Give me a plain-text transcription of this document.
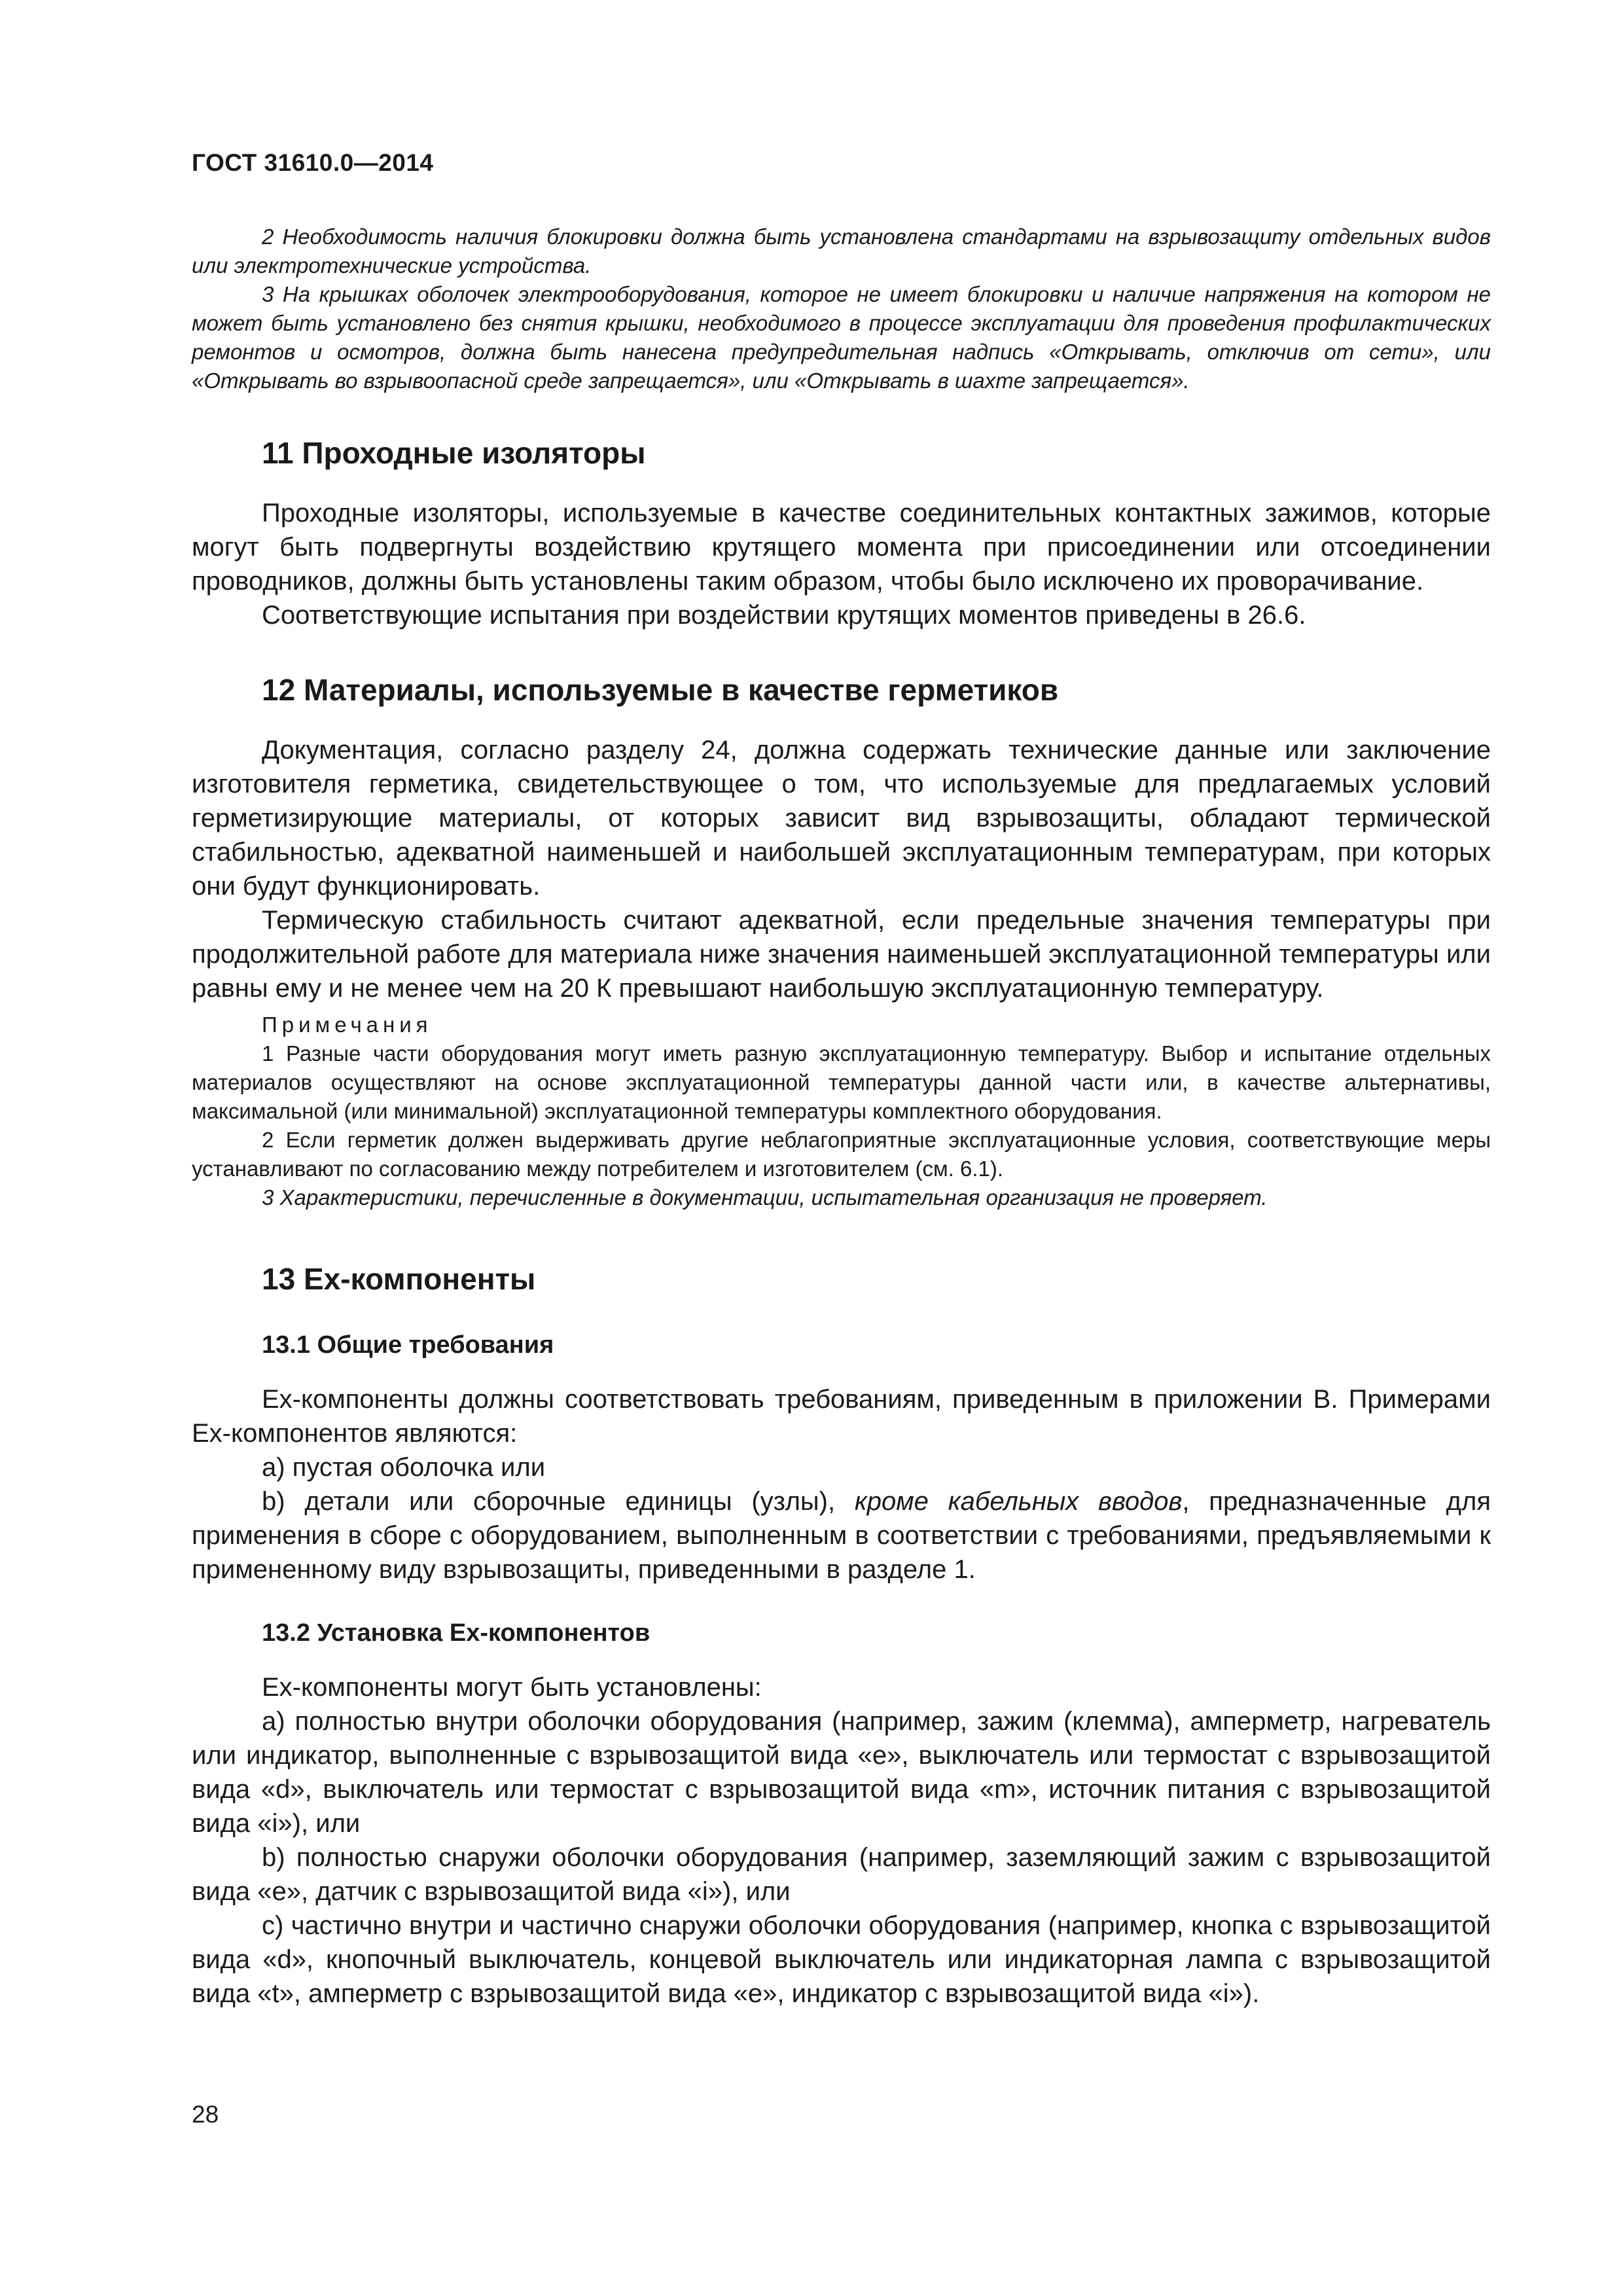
ГОСТ 31610.0—2014

2 Необходимость наличия блокировки должна быть установлена стандартами на взрывозащиту отдельных видов или электротехнические устройства.

3 На крышках оболочек электрооборудования, которое не имеет блокировки и наличие напряжения на котором не может быть установлено без снятия крышки, необходимого в процессе эксплуатации для проведения профилактических ремонтов и осмотров, должна быть нанесена предупредительная надпись «Открывать, отключив от сети», или «Открывать во взрывоопасной среде запрещается», или «Открывать в шахте запрещается».

11 Проходные изоляторы

Проходные изоляторы, используемые в качестве соединительных контактных зажимов, которые могут быть подвергнуты воздействию крутящего момента при присоединении или отсоединении проводников, должны быть установлены таким образом, чтобы было исключено их проворачивание.

Соответствующие испытания при воздействии крутящих моментов приведены в 26.6.

12 Материалы, используемые в качестве герметиков

Документация, согласно разделу 24, должна содержать технические данные или заключение изготовителя герметика, свидетельствующее о том, что используемые для предлагаемых условий герметизирующие материалы, от которых зависит вид взрывозащиты, обладают термической стабильностью, адекватной наименьшей и наибольшей эксплуатационным температурам, при которых они будут функционировать.

Термическую стабильность считают адекватной, если предельные значения температуры при продолжительной работе для материала ниже значения наименьшей эксплуатационной температуры или равны ему и не менее чем на 20 К превышают наибольшую эксплуатационную температуру.

Примечания

1 Разные части оборудования могут иметь разную эксплуатационную температуру. Выбор и испытание отдельных материалов осуществляют на основе эксплуатационной температуры данной части или, в качестве альтернативы, максимальной (или минимальной) эксплуатационной температуры комплектного оборудования.

2 Если герметик должен выдерживать другие неблагоприятные эксплуатационные условия, соответствующие меры устанавливают по согласованию между потребителем и изготовителем (см. 6.1).

3 Характеристики, перечисленные в документации, испытательная организация не проверяет.

13 Ех-компоненты
13.1 Общие требования

Ех-компоненты должны соответствовать требованиям, приведенным в приложении В. Примерами Ех-компонентов являются:

а) пустая оболочка или

b) детали или сборочные единицы (узлы), кроме кабельных вводов, предназначенные для применения в сборе с оборудованием, выполненным в соответствии с требованиями, предъявляемыми к примененному виду взрывозащиты, приведенными в разделе 1.

13.2 Установка Ех-компонентов

Ех-компоненты могут быть установлены:

а) полностью внутри оболочки оборудования (например, зажим (клемма), амперметр, нагреватель или индикатор, выполненные с взрывозащитой вида «е», выключатель или термостат с взрывозащитой вида «d», выключатель или термостат с взрывозащитой вида «m», источник питания с взрывозащитой вида «i»), или

b) полностью снаружи оболочки оборудования (например, заземляющий зажим с взрывозащитой вида «е», датчик с взрывозащитой вида «i»), или

с) частично внутри и частично снаружи оболочки оборудования (например, кнопка с взрывозащитой вида «d», кнопочный выключатель, концевой выключатель или индикаторная лампа с взрывозащитой вида «t», амперметр с взрывозащитой вида «е», индикатор с взрывозащитой вида «i»).

28
